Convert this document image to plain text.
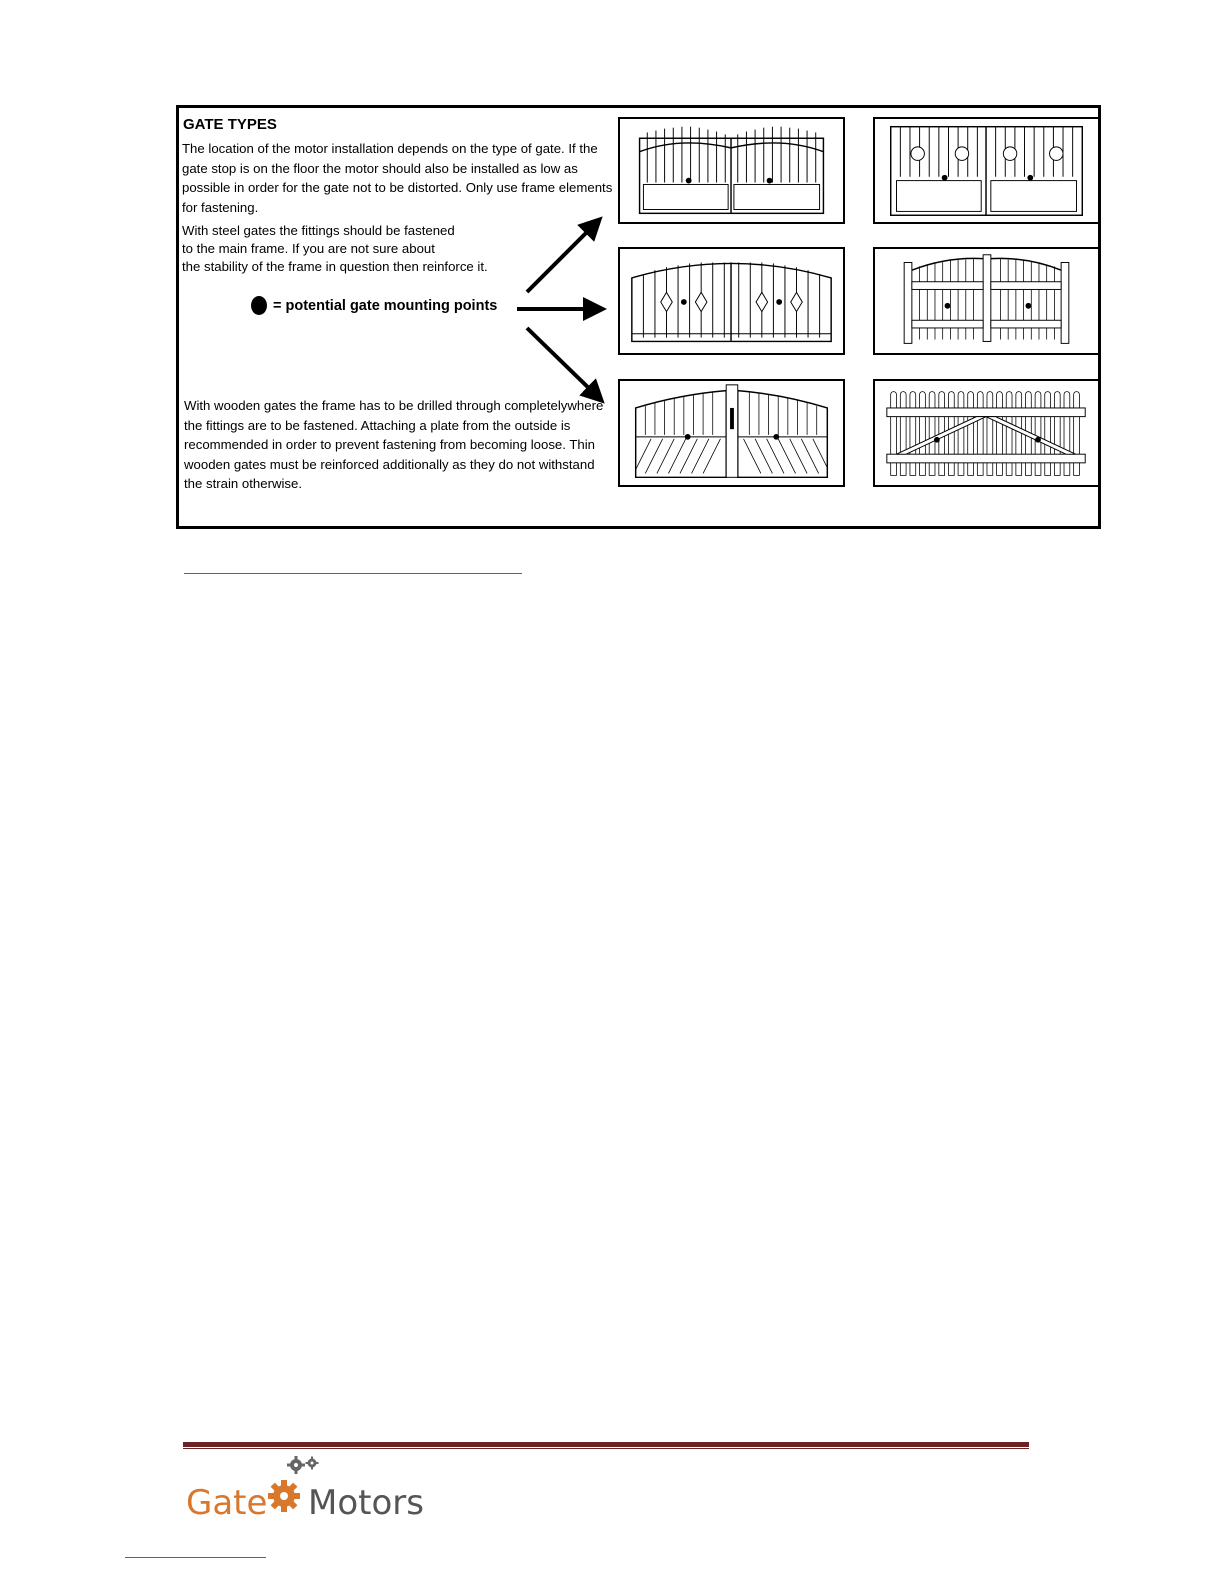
GATE TYPES
The location of the motor installation depends on the type of gate. If the gate stop is on the floor the motor should also be installed as low as possible in order for the gate not to be distorted. Only use frame elements for fastening.
With steel gates the fittings should be fastened
to the main frame. If you are not sure about
the stability of the frame in question then reinforce it.
= potential gate mounting points
With wooden gates the frame has to be drilled through completelywhere the fittings are to be fastened. Attaching a plate from the outside is recommended in order to prevent fastening from becoming loose. Thin wooden gates must be reinforced additionally as they do not withstand the strain otherwise.
Gate Motors
